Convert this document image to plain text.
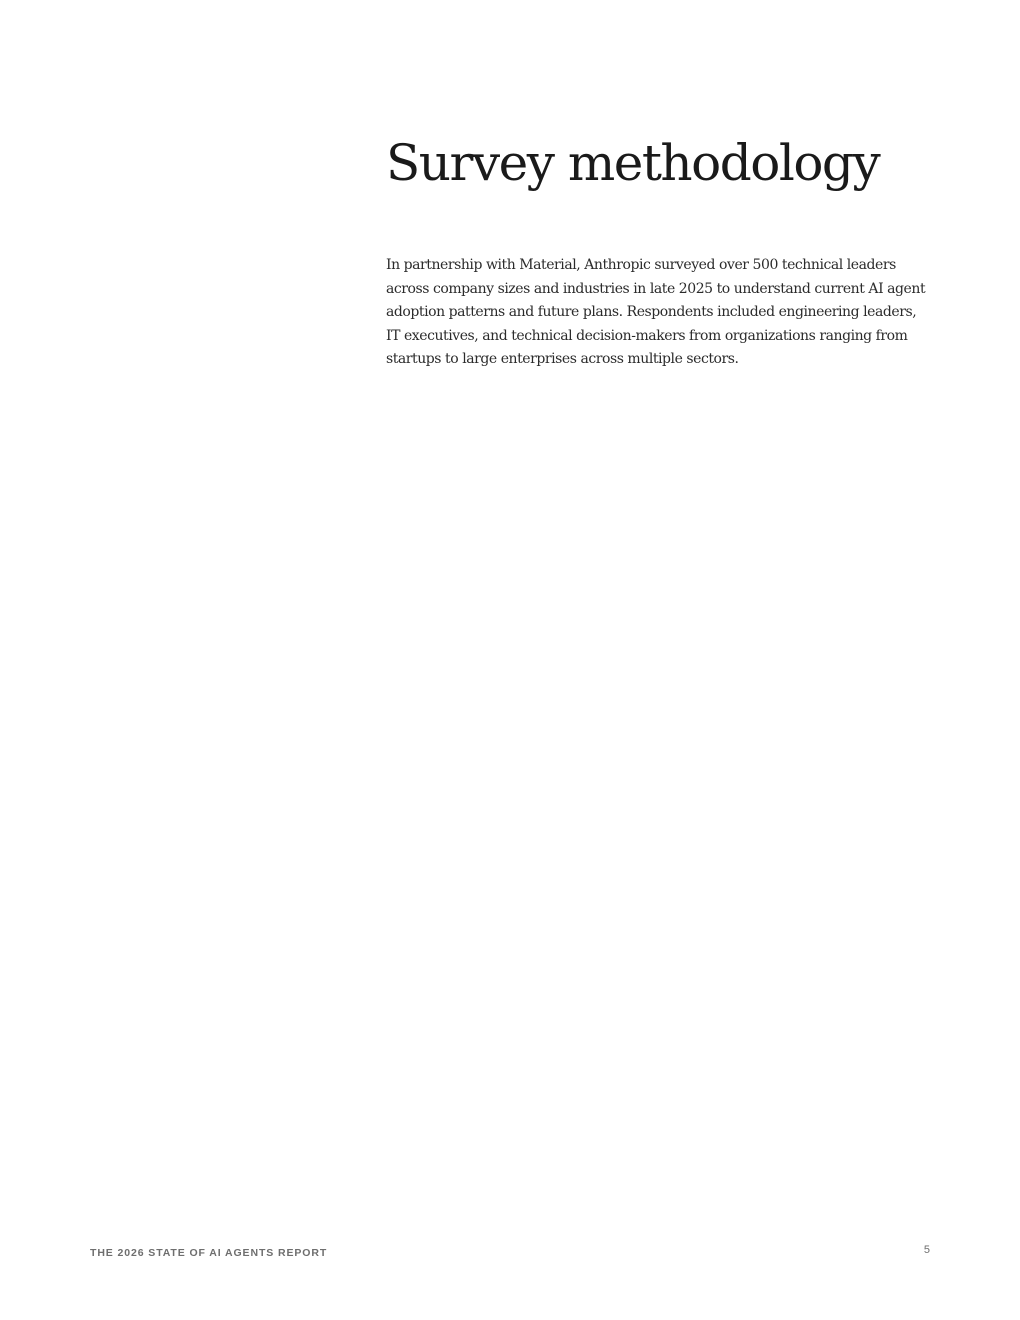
Survey methodology

In partnership with Material, Anthropic surveyed over 500 technical leaders across company sizes and industries in late 2025 to understand current AI agent adoption patterns and future plans. Respondents included engineering leaders, IT executives, and technical decision-makers from organizations ranging from startups to large enterprises across multiple sectors.

THE 2026 STATE OF AI AGENTS REPORT	5
